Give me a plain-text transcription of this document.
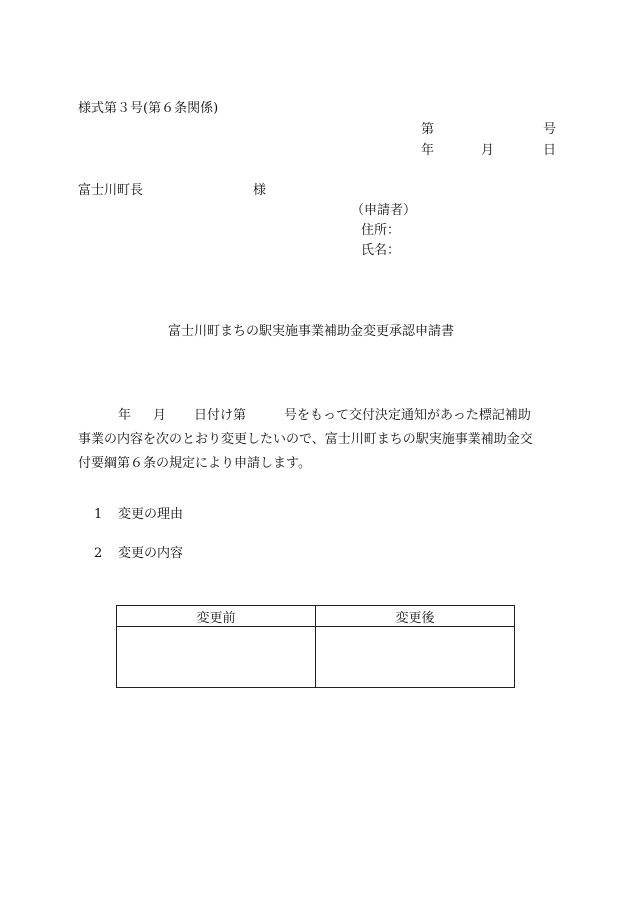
様式第３号(第６条関係)
第	号
年	月	日
富士川町長	様
（申請者）
住所：
氏名：
富士川町まちの駅実施事業補助金変更承認申請書
年 月 日付け第	号をもって交付決定通知があった標記補助
事業の内容を次のとおり変更したいので、富士川町まちの駅実施事業補助金交
付要綱第６条の規定により申請します。
1 変更の理由
2 変更の内容
変更前	変更後
